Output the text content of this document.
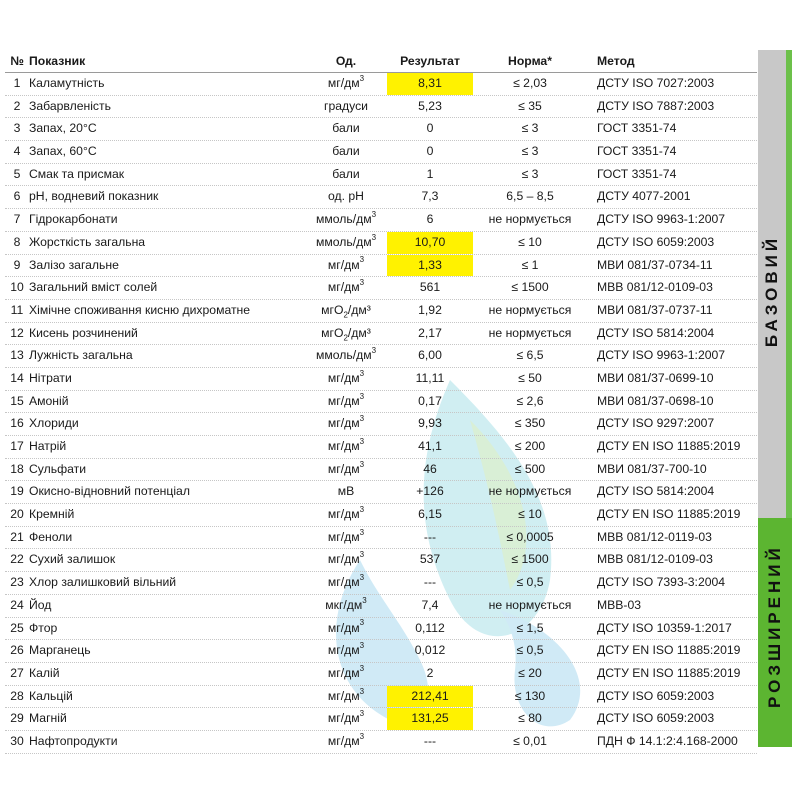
№ Показник	Од.	Результат	Норма*	Метод
1 Каламутність	$мг/дм^3$	8,31	≤ 2,03	ДСТУ ISO 7027:2003
2 Забарвленість	градуси	5,23	≤ 35	ДСТУ ISO 7887:2003
3 Запах, 20°С	бали	0	≤ 3	ГОСТ 3351-74
4 Запах, 60°С	бали	0	≤ 3	ГОСТ 3351-74
5 Смак та присмак	бали	1	≤ 3	ГОСТ 3351-74
6 pH, водневий показник	од. рН	7,3	6,5 – 8,5	ДСТУ 4077-2001
7 Гідрокарбонати	ммоль/$дм^3$	6	не нормується	ДСТУ ISO 9963-1:2007
8 Жорсткість загальна	ммоль/$дм^3$	10,70	≤ 10	ДСТУ ISO 6059:2003
9 Залізо загальне	$мг/дм^3$	1,33	≤ 1	МВИ 081/37-0734-11
10 Загальний вміст солей	$мг/дм^3$	561	≤ 1500	МВВ 081/12-0109-03
11 Хімічне споживання кисню дихроматне	мгО$_2$/дм³	1,92	не нормується	МВИ 081/37-0737-11
12 Кисень розчинений	мгО$_2$/дм³	2,17	не нормується	ДСТУ ISO 5814:2004
13 Лужність загальна	ммоль/$дм^3$	6,00	≤ 6,5	ДСТУ ISO 9963-1:2007
14 Нітрати	$мг/дм^3$	11,11	≤ 50	МВИ 081/37-0699-10
15 Амоній	$мг/дм^3$	0,17	≤ 2,6	МВИ 081/37-0698-10
16 Хлориди	$мг/дм^3$	9,93	≤ 350	ДСТУ ISO 9297:2007
17 Натрій	$мг/дм^3$	41,1	≤ 200	ДСТУ EN ISO 11885:2019
18 Сульфати	$мг/дм^3$	46	≤ 500	МВИ 081/37-700-10
19 Окисно-відновний потенціал	мВ	+126	не нормується	ДСТУ ISO 5814:2004
20 Кремній	$мг/дм^3$	6,15	≤ 10	ДСТУ EN ISO 11885:2019
21 Феноли	$мг/дм^3$	---	≤ 0,0005	МВВ 081/12-0119-03
22 Сухий залишок	$мг/дм^3$	537	≤ 1500	МВВ 081/12-0109-03
23 Хлор залишковий вільний	$мг/дм^3$	---	≤ 0,5	ДСТУ ISO 7393-3:2004
24 Йод	мкг/$дм^3$	7,4	не нормується	МВВ-03
25 Фтор	$мг/дм^3$	0,112	≤ 1,5	ДСТУ ISO 10359-1:2017
26 Марганець	$мг/дм^3$	0,012	≤ 0,5	ДСТУ EN ISO 11885:2019
27 Калій	$мг/дм^3$	2	≤ 20	ДСТУ EN ISO 11885:2019
28 Кальцій	$мг/дм^3$	212,41	≤ 130	ДСТУ ISO 6059:2003
29 Магній	$мг/дм^3$	131,25	≤ 80	ДСТУ ISO 6059:2003
30 Нафтопродукти	$мг/дм^3$	---	≤ 0,01	ПДН Ф 14.1:2:4.168-2000
БАЗОВИЙ
РОЗШИРЕНИЙ
